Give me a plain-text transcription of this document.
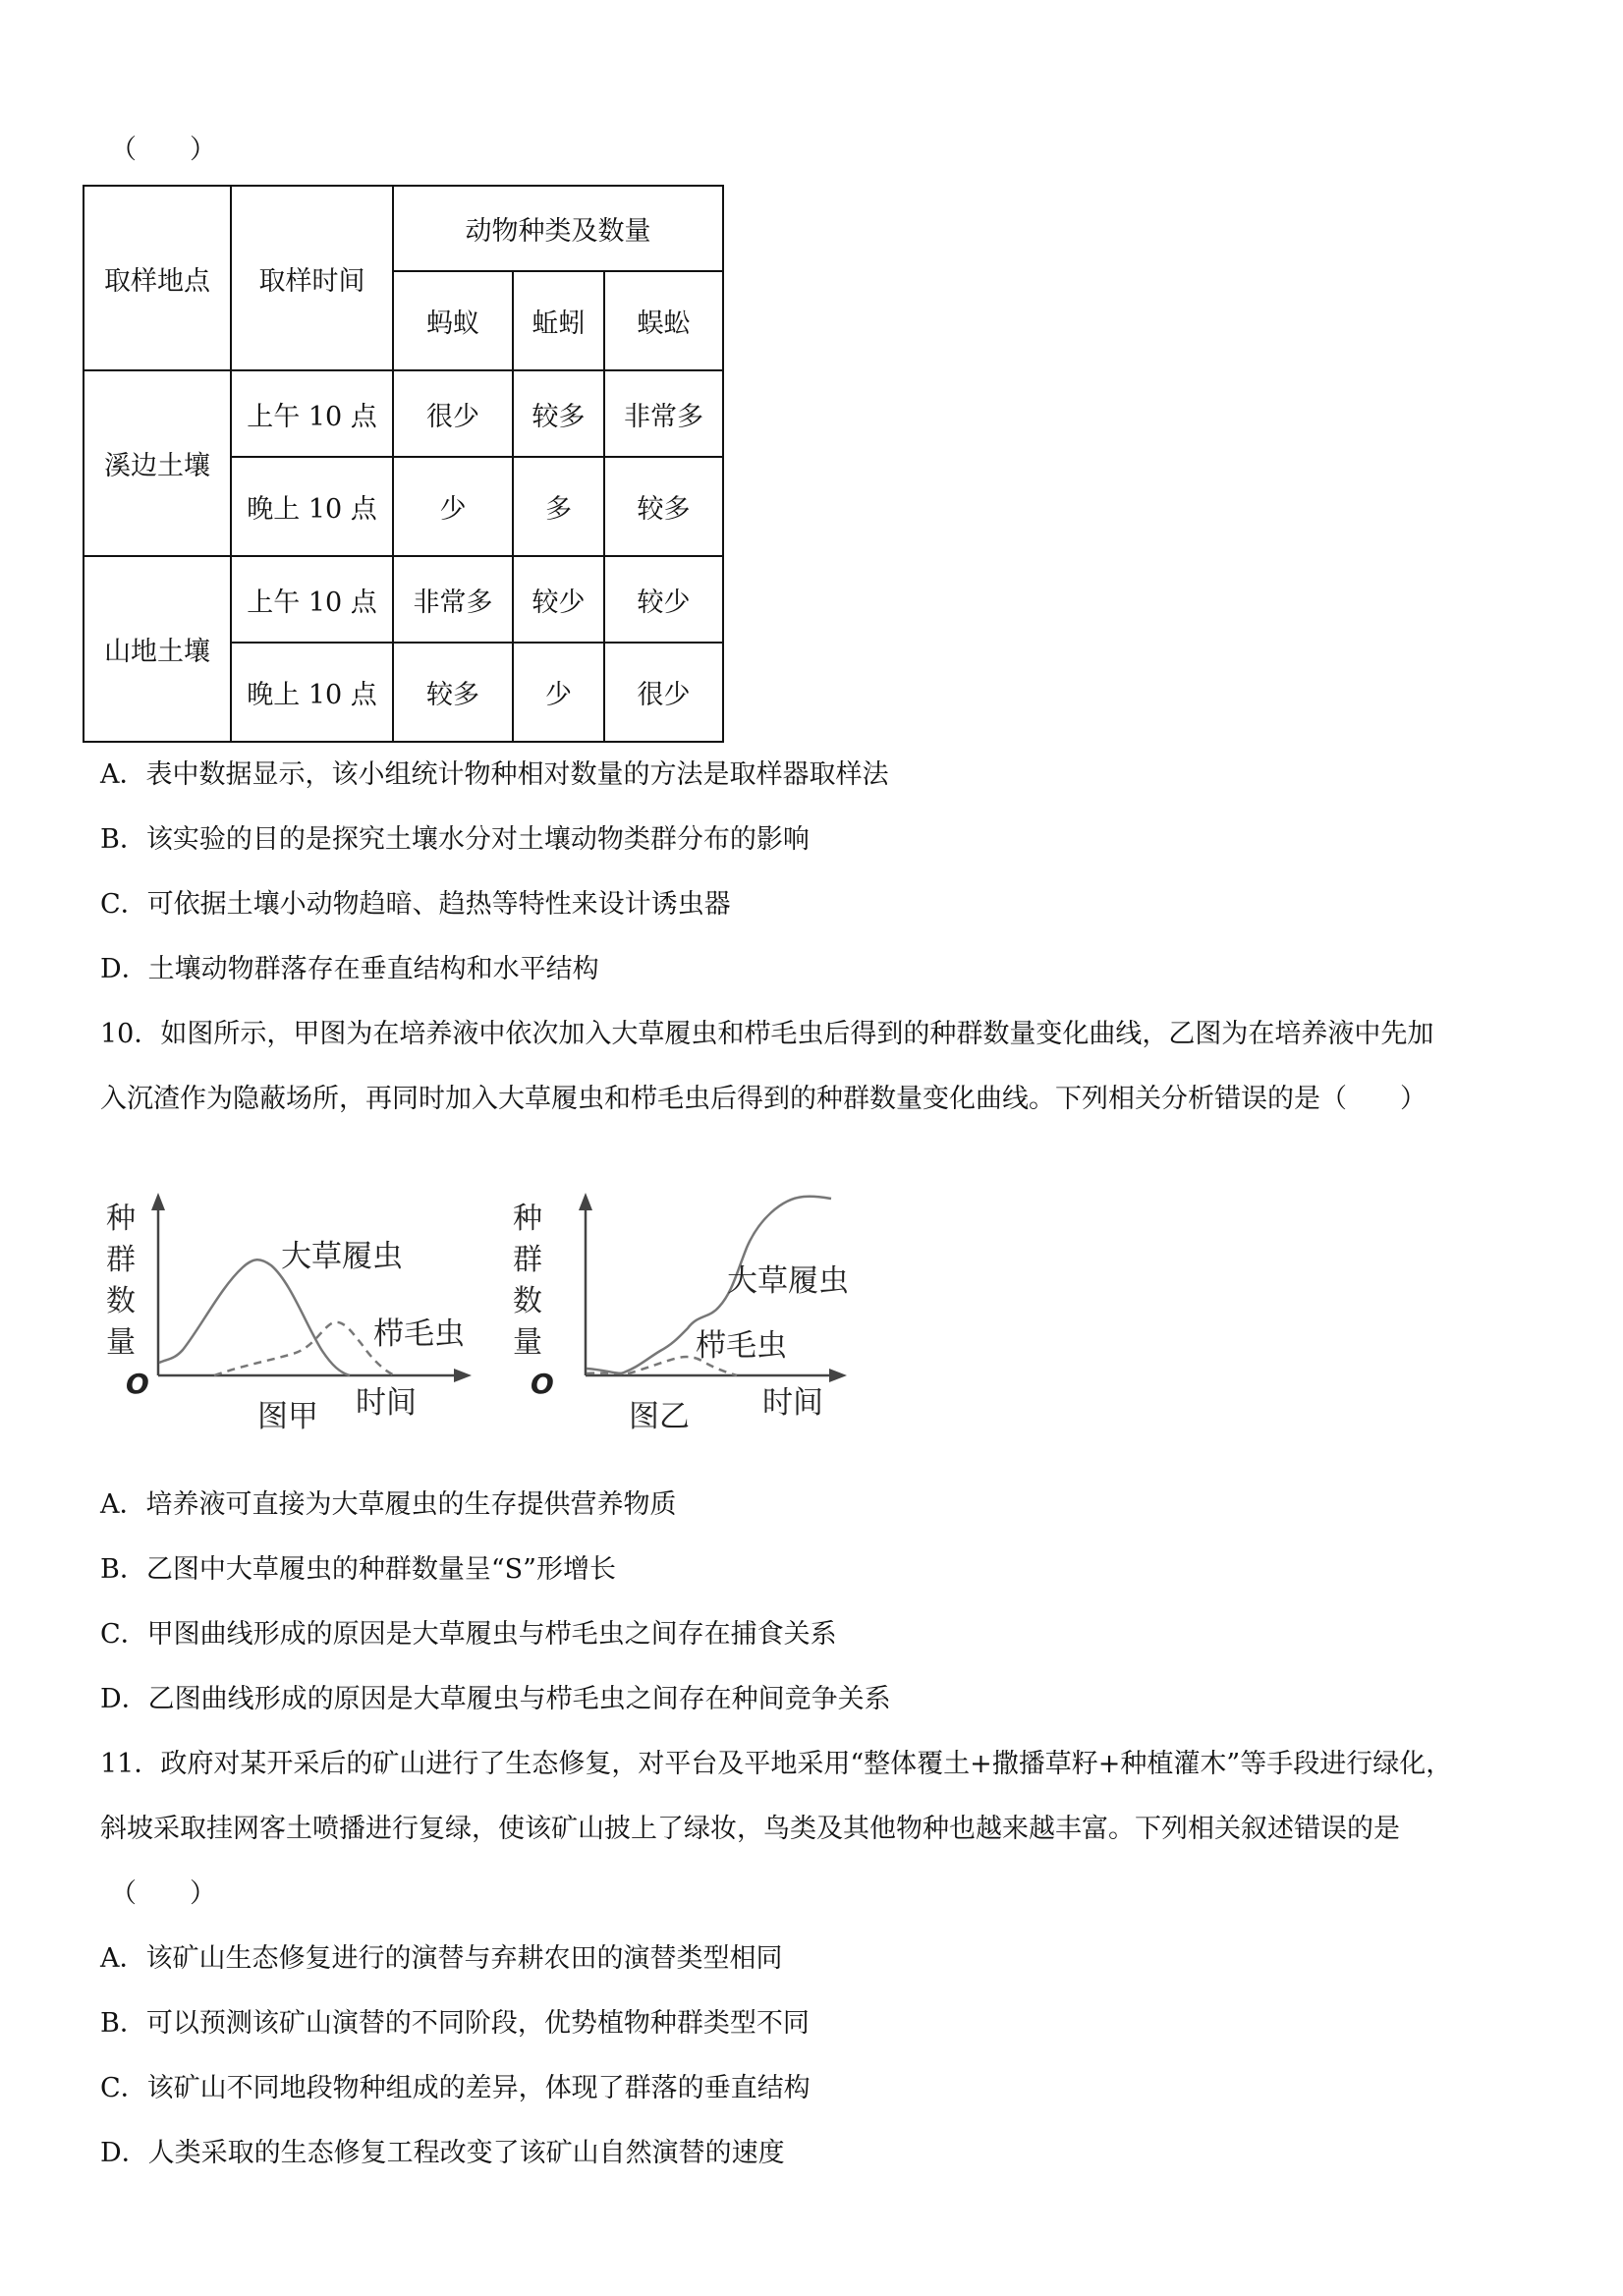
（　　）
取样地点	取样时间	动物种类及数量		
		蚂蚁	蚯蚓	蜈蚣
溪边土壤	上午 10 点	很少	较多	非常多
	晚上 10 点	少	多	较多
山地土壤	上午 10 点	非常多	较少	较少
	晚上 10 点	较多	少	很少
A．表中数据显示，该小组统计物种相对数量的方法是取样器取样法
B．该实验的目的是探究土壤水分对土壤动物类群分布的影响
C．可依据土壤小动物趋暗、趋热等特性来设计诱虫器
D．土壤动物群落存在垂直结构和水平结构
10．如图所示，甲图为在培养液中依次加入大草履虫和栉毛虫后得到的种群数量变化曲线，乙图为在培养液中先加
入沉渣作为隐蔽场所，再同时加入大草履虫和栉毛虫后得到的种群数量变化曲线。下列相关分析错误的是（　　）
种
群
数
量
O
大草履虫
栉毛虫
图甲 时间
种
群
数
量
O
大草履虫
栉毛虫
图乙 时间
A．培养液可直接为大草履虫的生存提供营养物质
B．乙图中大草履虫的种群数量呈“S”形增长
C．甲图曲线形成的原因是大草履虫与栉毛虫之间存在捕食关系
D．乙图曲线形成的原因是大草履虫与栉毛虫之间存在种间竞争关系
11．政府对某开采后的矿山进行了生态修复，对平台及平地采用“整体覆土+撒播草籽+种植灌木”等手段进行绿化，
斜坡采取挂网客土喷播进行复绿，使该矿山披上了绿妆，鸟类及其他物种也越来越丰富。下列相关叙述错误的是
（　　）
A．该矿山生态修复进行的演替与弃耕农田的演替类型相同
B．可以预测该矿山演替的不同阶段，优势植物种群类型不同
C．该矿山不同地段物种组成的差异，体现了群落的垂直结构
D．人类采取的生态修复工程改变了该矿山自然演替的速度
